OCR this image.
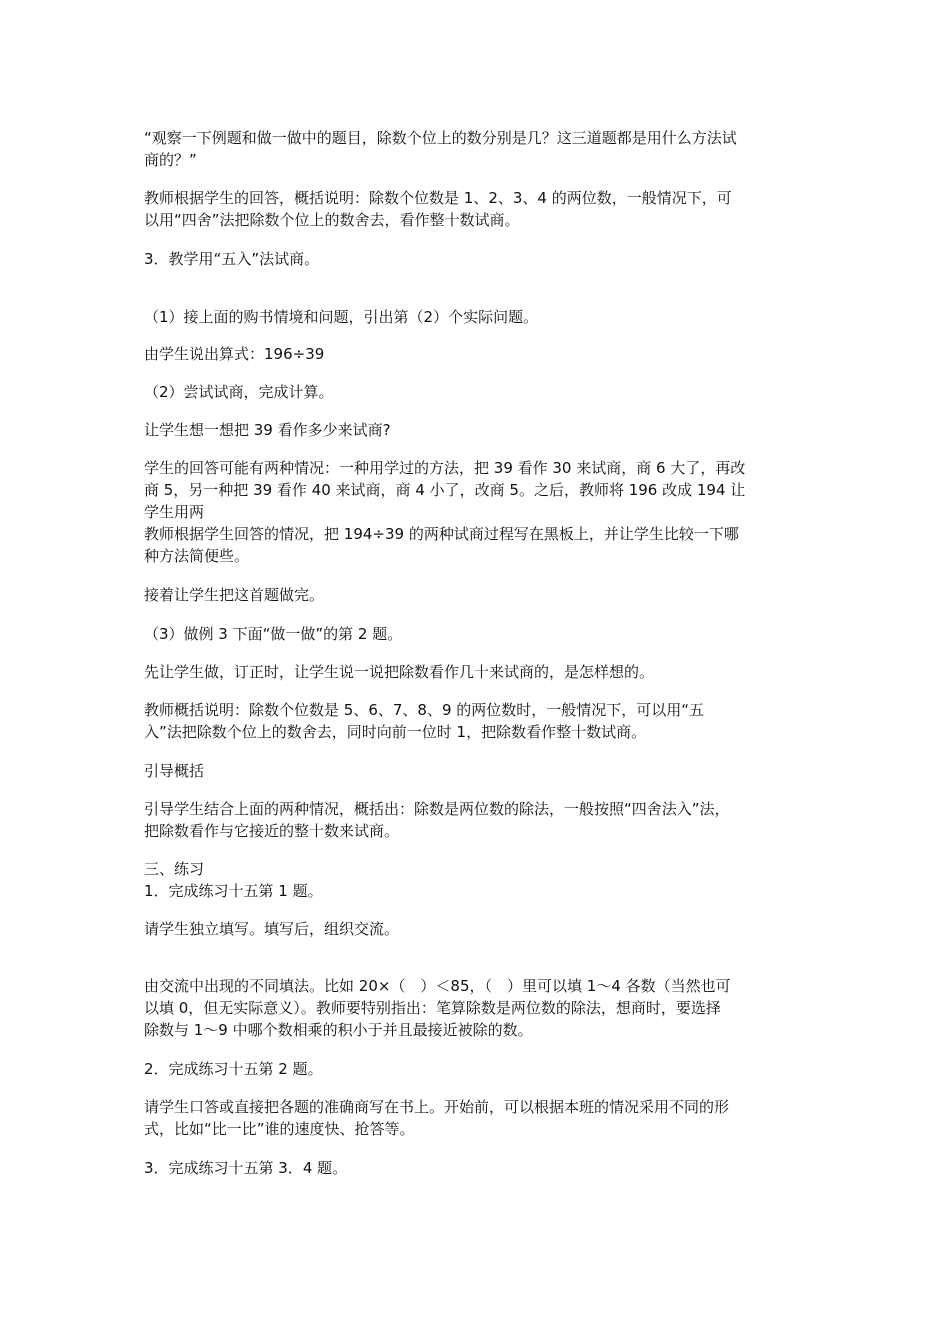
“观察一下例题和做一做中的题目，除数个位上的数分别是几？这三道题都是用什么方法试
商的？”
教师根据学生的回答，概括说明：除数个位数是 1、2、3、4 的两位数，一般情况下，可
以用“四舍”法把除数个位上的数舍去，看作整十数试商。
3．教学用“五入”法试商。
（1）接上面的购书情境和问题，引出第（2）个实际问题。
由学生说出算式：196÷39
（2）尝试试商，完成计算。
让学生想一想把 39 看作多少来试商?
学生的回答可能有两种情况：一种用学过的方法，把 39 看作 30 来试商，商 6 大了，再改
商 5，另一种把 39 看作 40 来试商，商 4 小了，改商 5。之后，教师将 196 改成 194 让
学生用两
教师根据学生回答的情况，把 194÷39 的两种试商过程写在黑板上，并让学生比较一下哪
种方法简便些。
接着让学生把这首题做完。
（3）做例 3 下面“做一做”的第 2 题。
先让学生做，订正时，让学生说一说把除数看作几十来试商的，是怎样想的。
教师概括说明：除数个位数是 5、6、7、8、9 的两位数时，一般情况下，可以用“五
入”法把除数个位上的数舍去，同时向前一位时 1，把除数看作整十数试商。
引导概括
引导学生结合上面的两种情况，概括出：除数是两位数的除法，一般按照“四舍法入”法，
把除数看作与它接近的整十数来试商。
三、练习
1．完成练习十五第 1 题。
请学生独立填写。填写后，组织交流。
由交流中出现的不同填法。比如 20×（　）＜85，（　）里可以填 1～4 各数（当然也可
以填 0，但无实际意义）。教师要特别指出：笔算除数是两位数的除法，想商时，要选择
除数与 1～9 中哪个数相乘的积小于并且最接近被除的数。
2．完成练习十五第 2 题。
请学生口答或直接把各题的准确商写在书上。开始前，可以根据本班的情况采用不同的形
式，比如“比一比”谁的速度快、抢答等。
3．完成练习十五第 3．4 题。
